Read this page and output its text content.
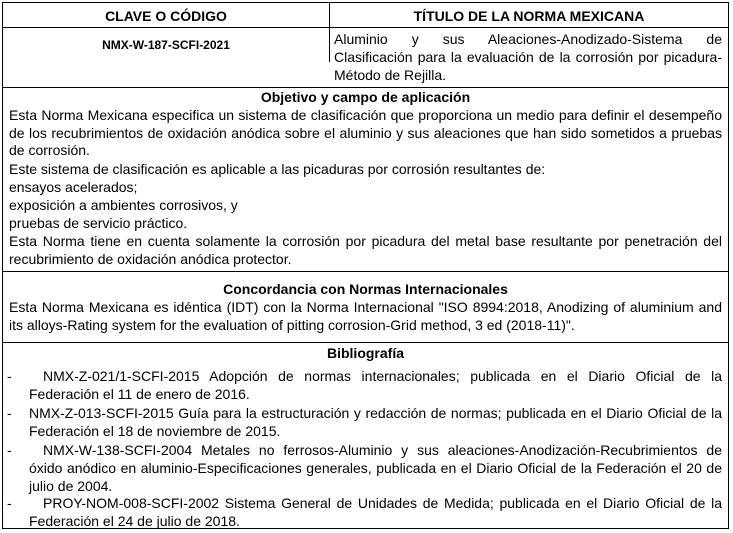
CLAVE O CÓDIGO	TÍTULO DE LA NORMA MEXICANA
NMX-W-187-SCFI-2021	Aluminio y sus Aleaciones-Anodizado-Sistema de Clasificación para la evaluación de la corrosión por picadura-Método de Rejilla.
Objetivo y campo de aplicación

Esta Norma Mexicana especifica un sistema de clasificación que proporciona un medio para definir el desempeño de los recubrimientos de oxidación anódica sobre el aluminio y sus aleaciones que han sido sometidos a pruebas de corrosión.

Este sistema de clasificación es aplicable a las picaduras por corrosión resultantes de:

ensayos acelerados;

exposición a ambientes corrosivos, y

pruebas de servicio práctico.

Esta Norma tiene en cuenta solamente la corrosión por picadura del metal base resultante por penetración del recubrimiento de oxidación anódica protector.

Concordancia con Normas Internacionales

Esta Norma Mexicana es idéntica (IDT) con la Norma Internacional "ISO 8994:2018, Anodizing of aluminium and its alloys-Rating system for the evaluation of pitting corrosion-Grid method, 3 ed (2018-11)".

Bibliografía
-	NMX-Z-021/1-SCFI-2015 Adopción de normas internacionales; publicada en el Diario Oficial de la Federación el 11 de enero de 2016.
- NMX-Z-013-SCFI-2015 Guía para la estructuración y redacción de normas; publicada en el Diario Oficial de la Federación el 18 de noviembre de 2015.
-	NMX-W-138-SCFI-2004 Metales no ferrosos-Aluminio y sus aleaciones-Anodización-Recubrimientos de óxido anódico en aluminio-Especificaciones generales, publicada en el Diario Oficial de la Federación el 20 de julio de 2004.
-	PROY-NOM-008-SCFI-2002 Sistema General de Unidades de Medida; publicada en el Diario Oficial de la Federación el 24 de julio de 2018.
